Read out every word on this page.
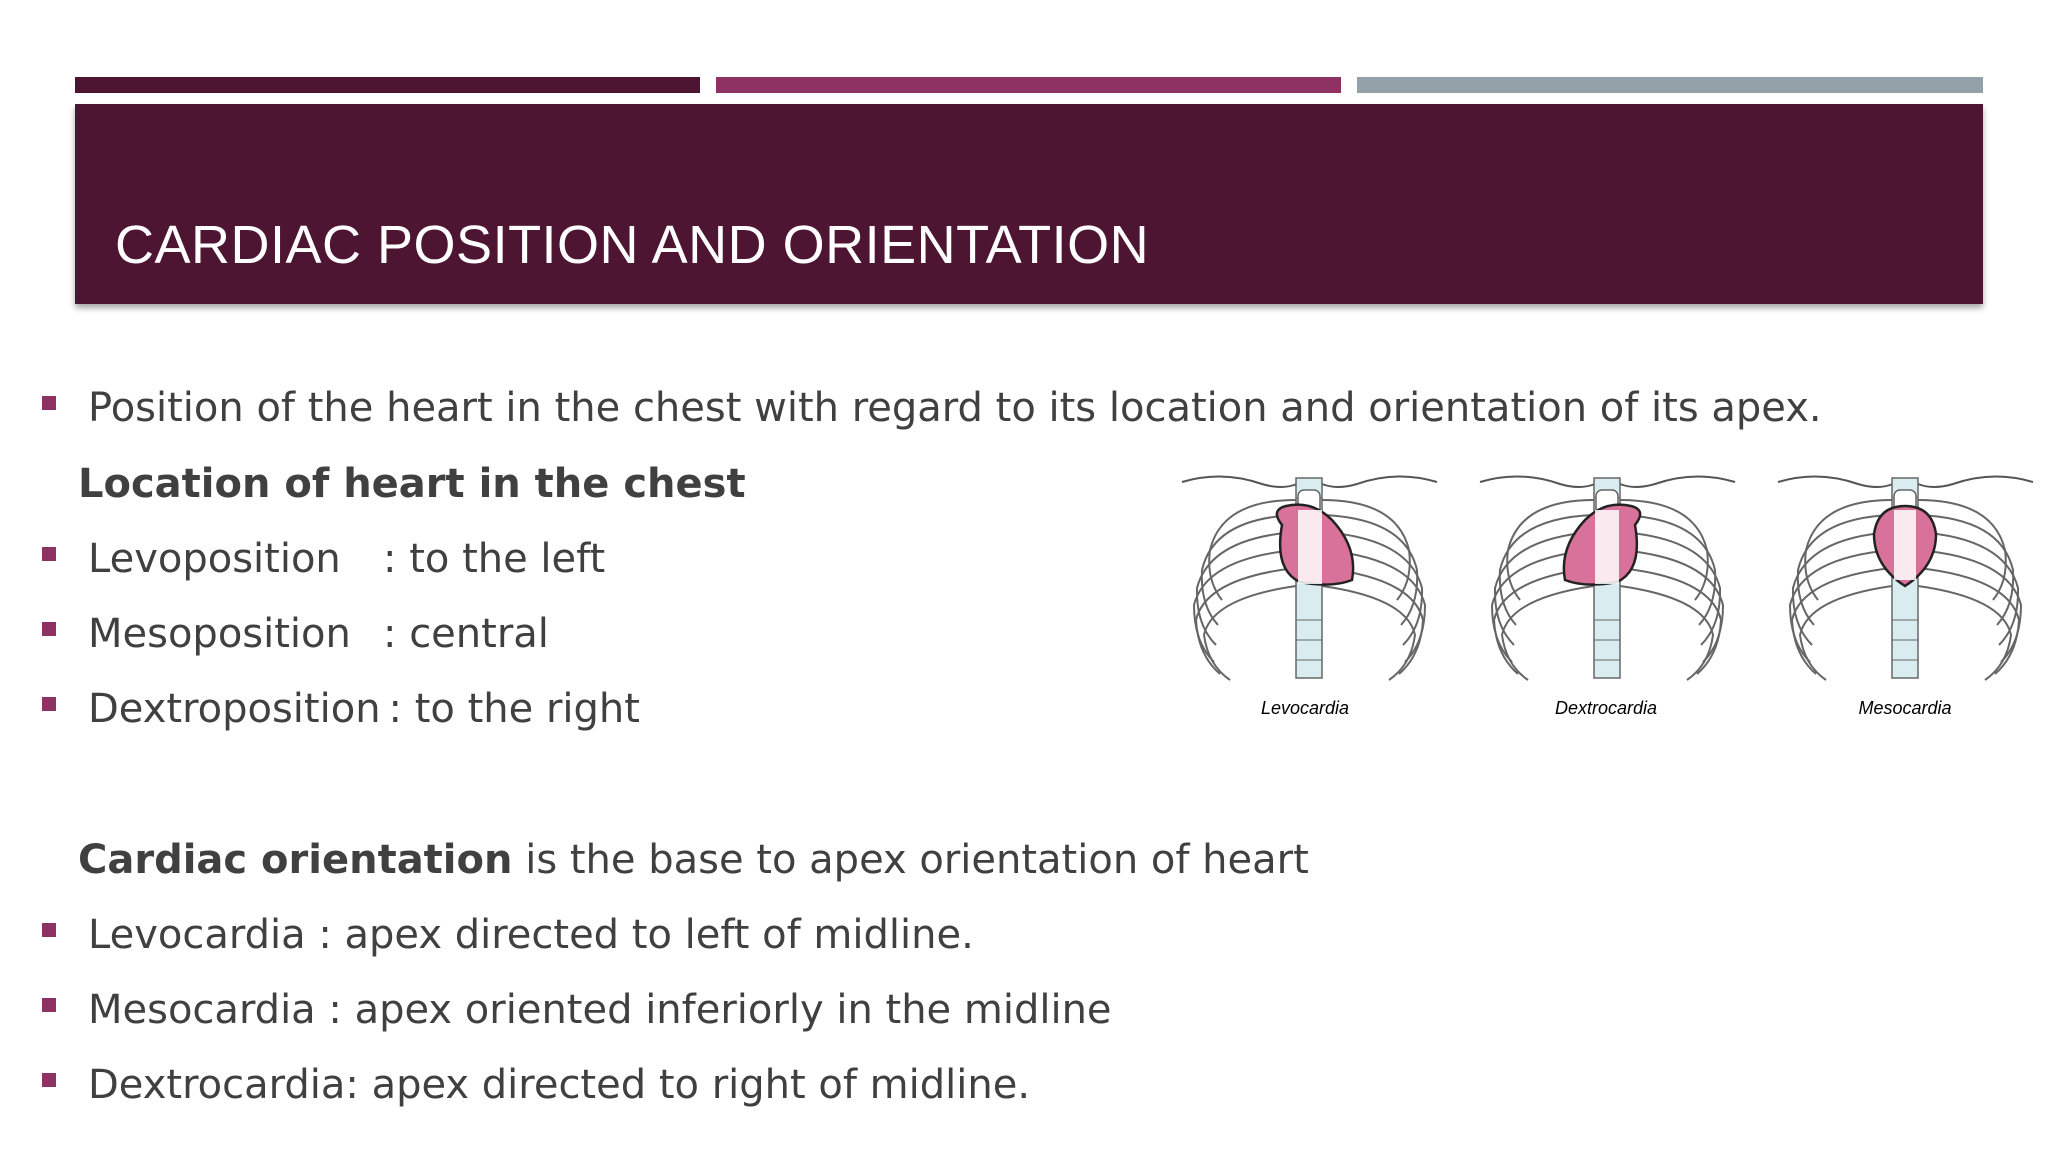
CARDIAC POSITION AND ORIENTATION
Position of the heart in the chest with regard to its location and orientation of its apex.
Location of heart in the chest
Levoposition : to the left
Mesoposition : central
Dextroposition : to the right
Cardiac orientation is the base to apex orientation of heart
Levocardia : apex directed to left of midline.
Mesocardia : apex oriented inferiorly in the midline
Dextrocardia: apex directed to right of midline.
Levocardia	Dextrocardia	Mesocardia
